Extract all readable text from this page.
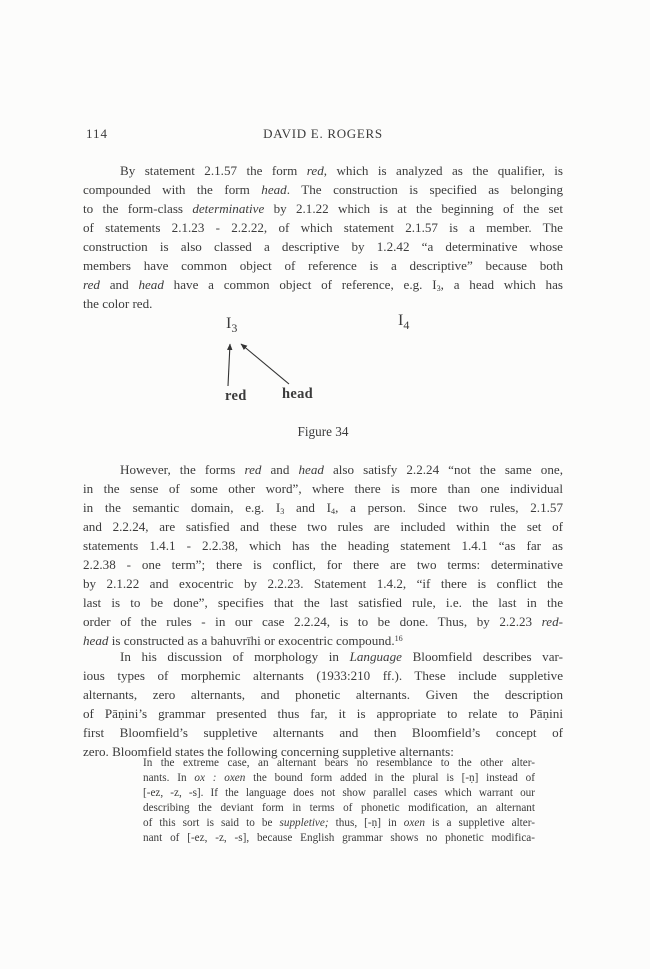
114	DAVID E. ROGERS
By statement 2.1.57 the form red, which is analyzed as the qualifier, is
compounded with the form head. The construction is specified as belonging
to the form-class determinative by 2.1.22 which is at the beginning of the set
of statements 2.1.23 - 2.2.22, of which statement 2.1.57 is a member. The
construction is also classed a descriptive by 1.2.42 “a determinative whose
members have common object of reference is a descriptive” because both
red and head have a common object of reference, e.g. $I_3$, a head which has
the color red.
$I_3$	$I_4$
red head
Figure 34
However, the forms red and head also satisfy 2.2.24 “not the same one,
in the sense of some other word”, where there is more than one individual
in the semantic domain, e.g. $I_3$ and $I_4$, a person. Since two rules, 2.1.57
and 2.2.24, are satisfied and these two rules are included within the set of
statements 1.4.1 - 2.2.38, which has the heading statement 1.4.1 “as far as
2.2.38 - one term”; there is conflict, for there are two terms: determinative
by 2.1.22 and exocentric by 2.2.23. Statement 1.4.2, “if there is conflict the
last is to be done”, specifies that the last satisfied rule, i.e. the last in the
order of the rules - in our case 2.2.24, is to be done. Thus, by 2.2.23 red-
head is constructed as a bahuvrīhi or exocentric compound.$^{16}$
In his discussion of morphology in Language Bloomfield describes var-
ious types of morphemic alternants (1933:210 ff.). These include suppletive
alternants, zero alternants, and phonetic alternants. Given the description
of Pāṇini’s grammar presented thus far, it is appropriate to relate to Pāṇini
first Bloomfield’s suppletive alternants and then Bloomfield’s concept of
zero. Bloomfield states the following concerning suppletive alternants:
In the extreme case, an alternant bears no resemblance to the other alter-
nants. In ox : oxen the bound form added in the plural is [-ṇ] instead of
[-ez, -z, -s]. If the language does not show parallel cases which warrant our
describing the deviant form in terms of phonetic modification, an alternant
of this sort is said to be suppletive; thus, [-ṇ] in oxen is a suppletive alter-
nant of [-ez, -z, -s], because English grammar shows no phonetic modifica-
